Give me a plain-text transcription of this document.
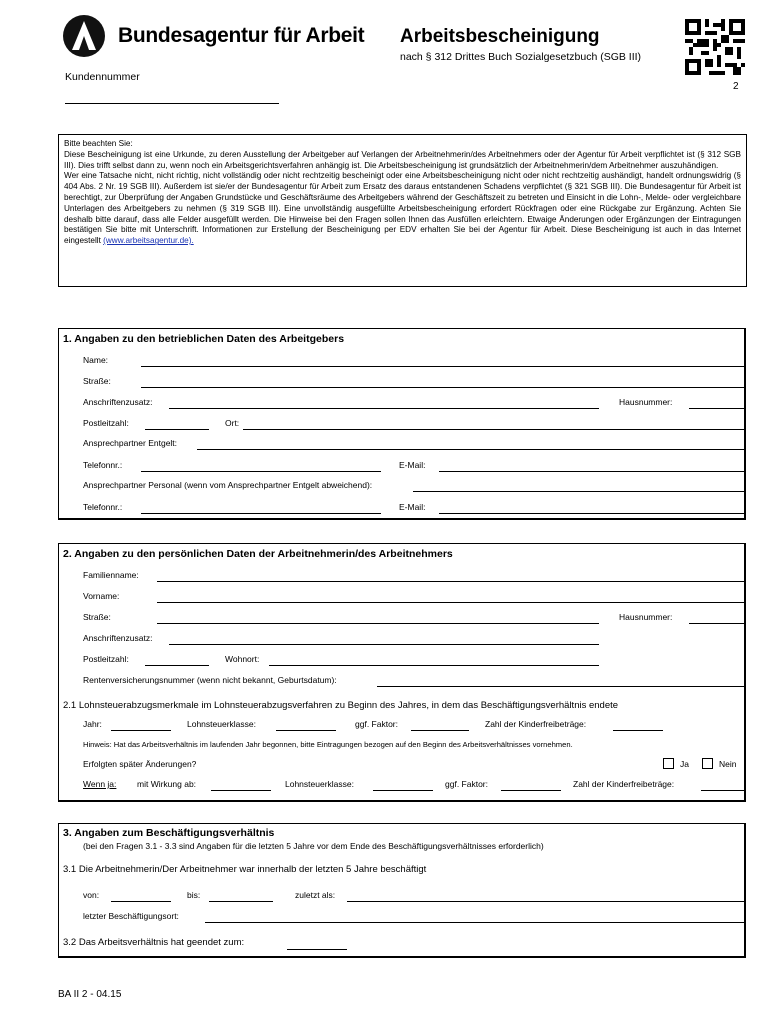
Bundesagentur für Arbeit Arbeitsbescheinigung
nach § 312 Drittes Buch Sozialgesetzbuch (SGB III)
2
Kundennummer

Bitte beachten Sie:

Diese Bescheinigung ist eine Urkunde, zu deren Ausstellung der Arbeitgeber auf Verlangen der Arbeitnehmerin/des Arbeitnehmers oder der Agentur für Arbeit verpflichtet ist (§ 312 SGB III). Dies trifft selbst dann zu, wenn noch ein Arbeitsgerichtsverfahren anhängig ist. Die Arbeitsbescheinigung ist grundsätzlich der Arbeitnehmerin/dem Arbeitnehmer auszuhändigen.

Wer eine Tatsache nicht, nicht richtig, nicht vollständig oder nicht rechtzeitig bescheinigt oder eine Arbeitsbescheinigung nicht oder nicht rechtzeitig aushändigt, handelt ordnungswidrig (§ 404 Abs. 2 Nr. 19 SGB III). Außerdem ist sie/er der Bundesagentur für Arbeit zum Ersatz des daraus entstandenen Schadens verpflichtet (§ 321 SGB III). Die Bundesagentur für Arbeit ist berechtigt, zur Überprüfung der Angaben Grundstücke und Geschäftsräume des Arbeitgebers während der Geschäftszeit zu betreten und Einsicht in die Lohn-, Melde- oder vergleichbare Unterlagen des Arbeitgebers zu nehmen (§ 319 SGB III). Eine unvollständig ausgefüllte Arbeitsbescheinigung erfordert Rückfragen oder eine Rückgabe zur Ergänzung. Achten Sie deshalb bitte darauf, dass alle Felder ausgefüllt werden. Die Hinweise bei den Fragen sollen Ihnen das Ausfüllen erleichtern. Etwaige Änderungen oder Ergänzungen der Eintragungen bestätigen Sie bitte mit Unterschrift. Informationen zur Erstellung der Bescheinigung per EDV erhalten Sie bei der Agentur für Arbeit. Diese Bescheinigung ist auch in das Internet eingestellt (www.arbeitsagentur.de).

1. Angaben zu den betrieblichen Daten des Arbeitgebers
Name:
Straße:
Anschriftenzusatz:	Hausnummer:
Postleitzahl:	Ort:
Ansprechpartner Entgelt:
Telefonnr.:	E-Mail:
Ansprechpartner Personal (wenn vom Ansprechpartner Entgelt abweichend):
Telefonnr.:	E-Mail:
2. Angaben zu den persönlichen Daten der Arbeitnehmerin/des Arbeitnehmers
Familienname:
Vorname:
Straße:	Hausnummer:
Anschriftenzusatz:
Postleitzahl:	Wohnort:
Rentenversicherungsnummer (wenn nicht bekannt, Geburtsdatum):
2.1 Lohnsteuerabzugsmerkmale im Lohnsteuerabzugsverfahren zu Beginn des Jahres, in dem das Beschäftigungsverhältnis endete
Jahr:	Lohnsteuerklasse:	ggf. Faktor:	Zahl der Kinderfreibeträge:
Hinweis: Hat das Arbeitsverhältnis im laufenden Jahr begonnen, bitte Eintragungen bezogen auf den Beginn des Arbeitsverhältnisses vornehmen.
Erfolgten später Änderungen?	Ja	Nein
Wenn ja: mit Wirkung ab:	Lohnsteuerklasse:	ggf. Faktor:	Zahl der Kinderfreibeträge:
3. Angaben zum Beschäftigungsverhältnis
(bei den Fragen 3.1 - 3.3 sind Angaben für die letzten 5 Jahre vor dem Ende des Beschäftigungsverhältnisses erforderlich)
3.1 Die Arbeitnehmerin/Der Arbeitnehmer war innerhalb der letzten 5 Jahre beschäftigt
von:	bis:	zuletzt als:
letzter Beschäftigungsort:
3.2 Das Arbeitsverhältnis hat geendet zum:
BA II 2 - 04.15
